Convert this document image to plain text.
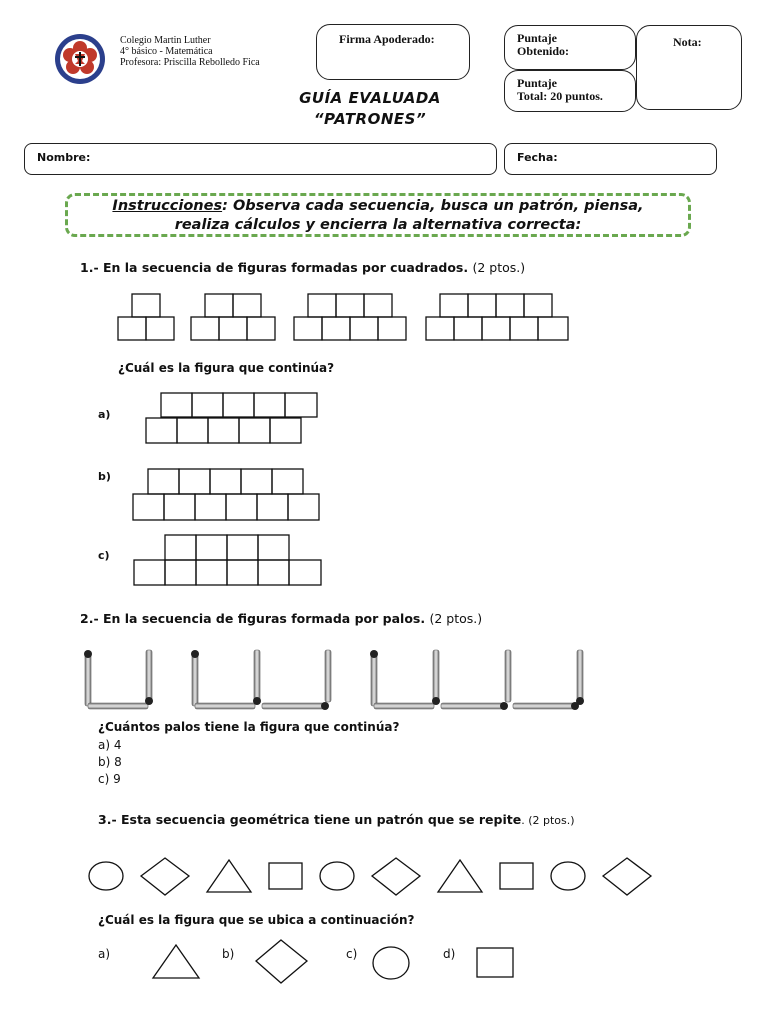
Colegio Martin Luther
4° básico - Matemática
Profesora: Priscilla Rebolledo Fica
Firma Apoderado:	Puntaje
Obtenido:
Puntaje
Total: 20 puntos.
Nota:
GUÍA EVALUADA
“PATRONES”
Nombre:	Fecha:
Instrucciones: Observa cada secuencia, busca un patrón, piensa,
realiza cálculos y encierra la alternativa correcta:
1.- En la secuencia de figuras formadas por cuadrados. (2 ptos.)
¿Cuál es la figura que continúa?
a)
b)
c)
2.- En la secuencia de figuras formada por palos. (2 ptos.)
¿Cuántos palos tiene la figura que continúa?
a) 4
b) 8
c) 9
3.- Esta secuencia geométrica tiene un patrón que se repite. (2 ptos.)
¿Cuál es la figura que se ubica a continuación?
a)	b)	c)	d)
